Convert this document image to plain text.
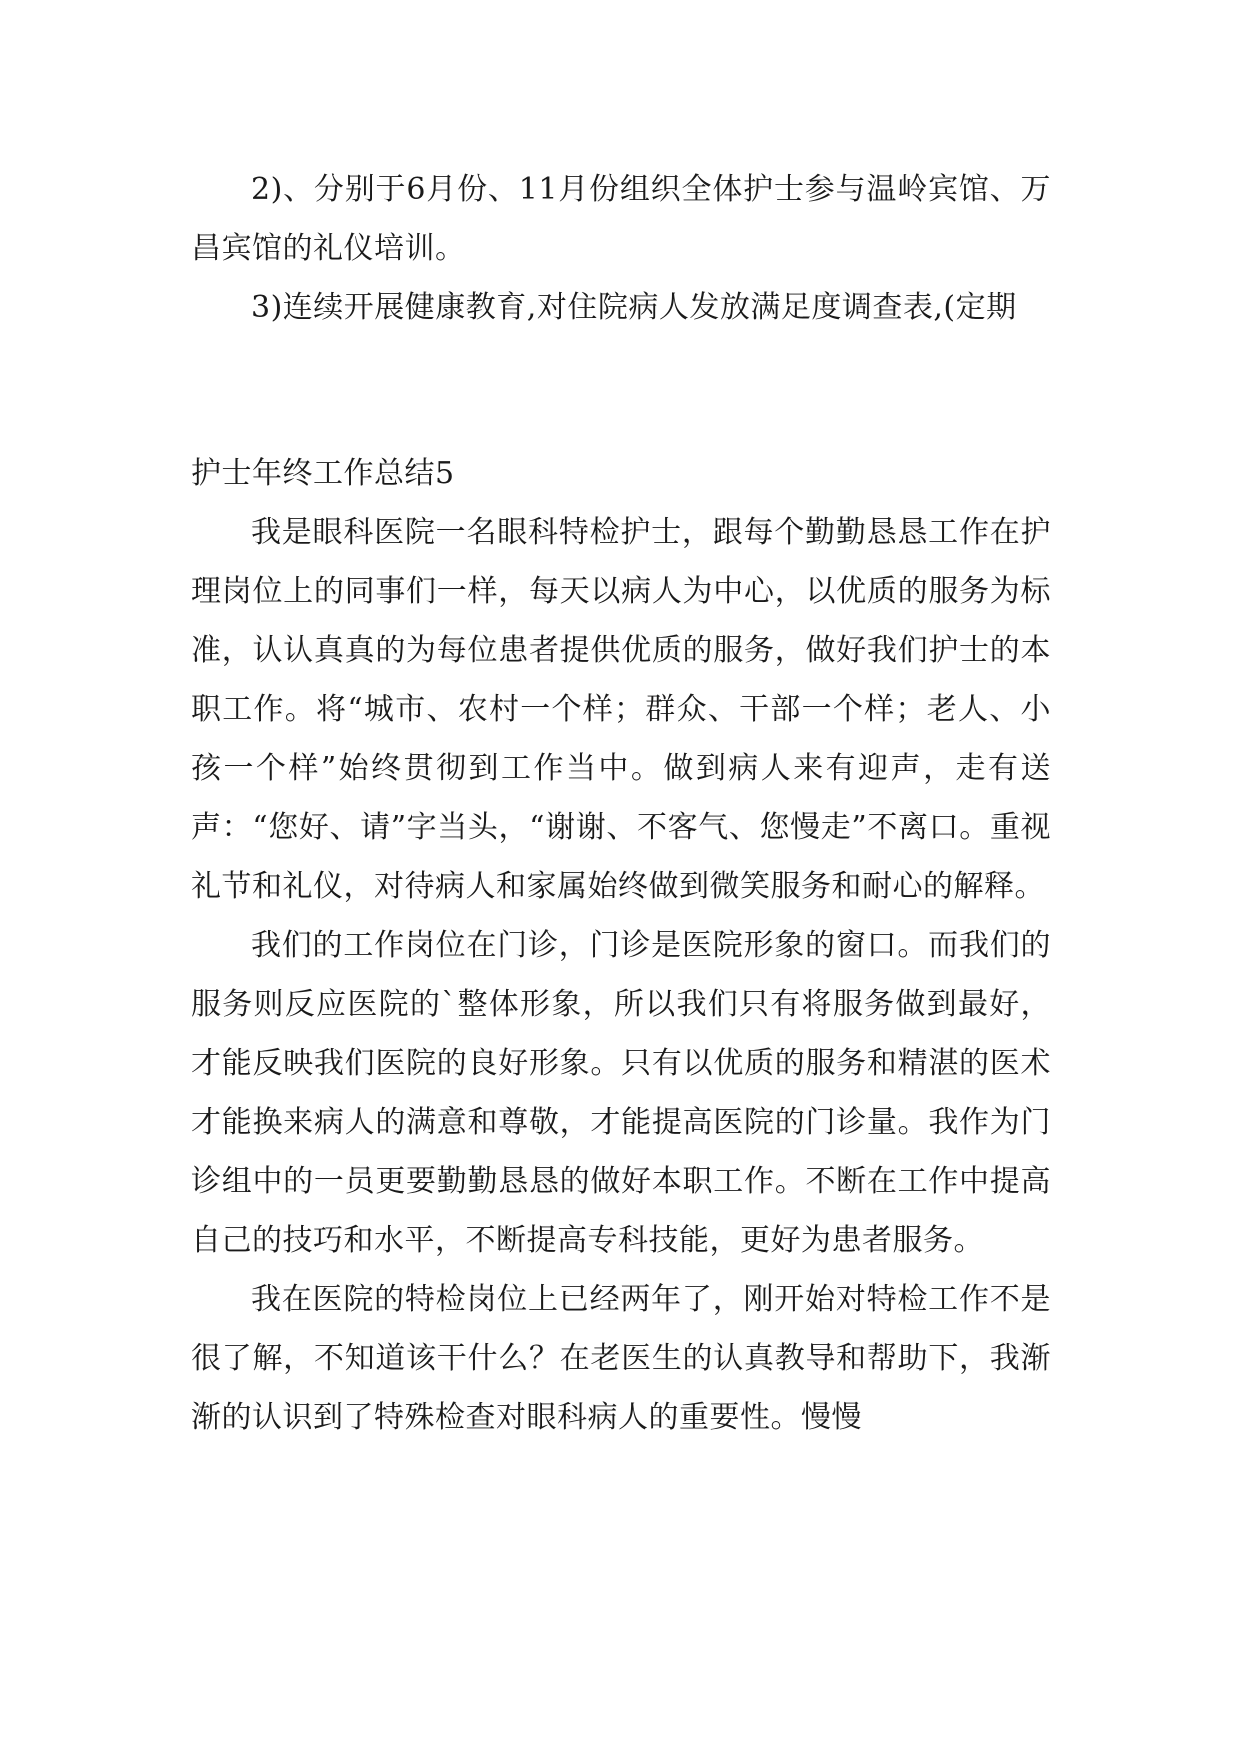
2)、分别于6月份、11月份组织全体护士参与温岭宾馆、万昌宾馆的礼仪培训。

3)连续开展健康教育,对住院病人发放满足度调查表,(定期

护士年终工作总结5

我是眼科医院一名眼科特检护士，跟每个勤勤恳恳工作在护理岗位上的同事们一样，每天以病人为中心，以优质的服务为标准，认认真真的为每位患者提供优质的服务，做好我们护士的本职工作。将“城市、农村一个样；群众、干部一个样；老人、小孩一个样”始终贯彻到工作当中。做到病人来有迎声，走有送声：“您好、请”字当头，“谢谢、不客气、您慢走”不离口。重视礼节和礼仪，对待病人和家属始终做到微笑服务和耐心的解释。

我们的工作岗位在门诊，门诊是医院形象的窗口。而我们的服务则反应医院的`整体形象，所以我们只有将服务做到最好，才能反映我们医院的良好形象。只有以优质的服务和精湛的医术才能换来病人的满意和尊敬，才能提高医院的门诊量。我作为门诊组中的一员更要勤勤恳恳的做好本职工作。不断在工作中提高自己的技巧和水平，不断提高专科技能，更好为患者服务。

我在医院的特检岗位上已经两年了，刚开始对特检工作不是很了解，不知道该干什么？在老医生的认真教导和帮助下，我渐渐的认识到了特殊检查对眼科病人的重要性。慢慢
